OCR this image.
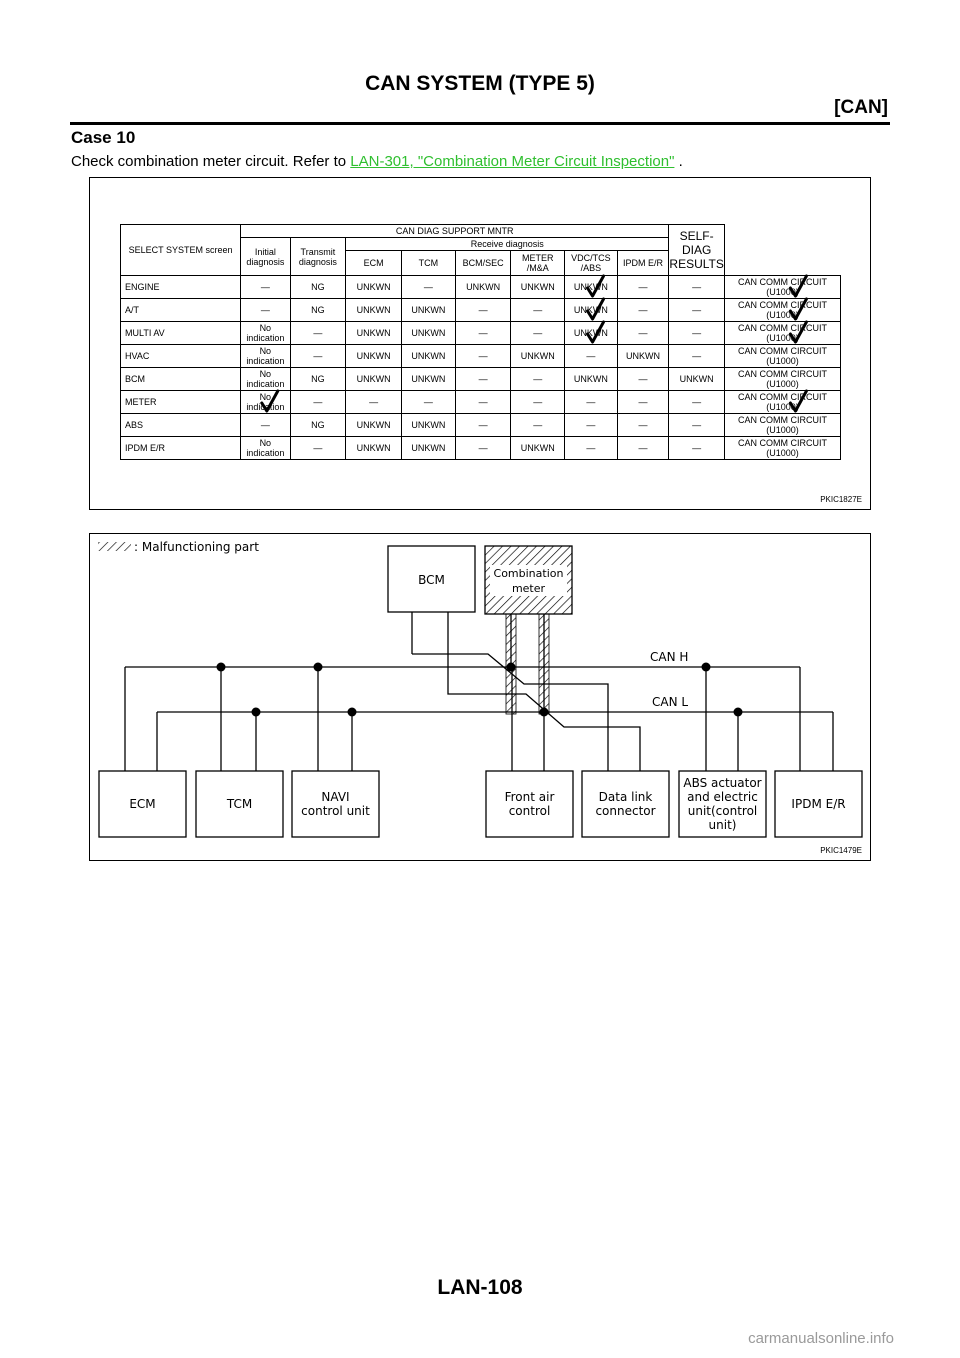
CAN SYSTEM (TYPE 5)
[CAN]
Case 10
Check combination meter circuit. Refer to LAN-301, "Combination Meter Circuit Inspection" .
SELECT SYSTEM screen	CAN DIAG SUPPORT MNTR								SELF-DIAG RESULTS	
	Initial diagnosis	Transmit diagnosis	Receive diagnosis							
			ECM	TCM	BCM/SEC	METER /M&A	VDC/TCS /ABS	IPDM E/R		
ENGINE	—	NG	UNKWN	—	UNKWN	UNKWN	UNKWN	—	—	CAN COMM CIRCUIT (U1000)
A/T	—	NG	UNKWN	UNKWN	—	—	UNKWN	—	—	CAN COMM CIRCUIT (U1000)
MULTI AV	No indication	—	UNKWN	UNKWN	—	—	UNKWN	—	—	CAN COMM CIRCUIT (U1000)
HVAC	No indication	—	UNKWN	UNKWN	—	UNKWN	—	UNKWN	—	CAN COMM CIRCUIT (U1000)
BCM	No indication	NG	UNKWN	UNKWN	—	—	UNKWN	—	UNKWN	CAN COMM CIRCUIT (U1000)
METER	No indication	—	—	—	—	—	—	—	—	CAN COMM CIRCUIT (U1000)
ABS	—	NG	UNKWN	UNKWN	—	—	—	—	—	CAN COMM CIRCUIT (U1000)
IPDM E/R	No indication	—	UNKWN	UNKWN	—	UNKWN	—	—	—	CAN COMM CIRCUIT (U1000)
PKIC1827E
: Malfunctioning part
CAN H
CAN L
BCM	Combination
meter
ECM	TCM	NAVI
control unit
Front air
control
Data link
connector
ABS actuator
and electric
unit(control
unit)
IPDM E/R
PKIC1479E
LAN-108
carmanualsonline.info
